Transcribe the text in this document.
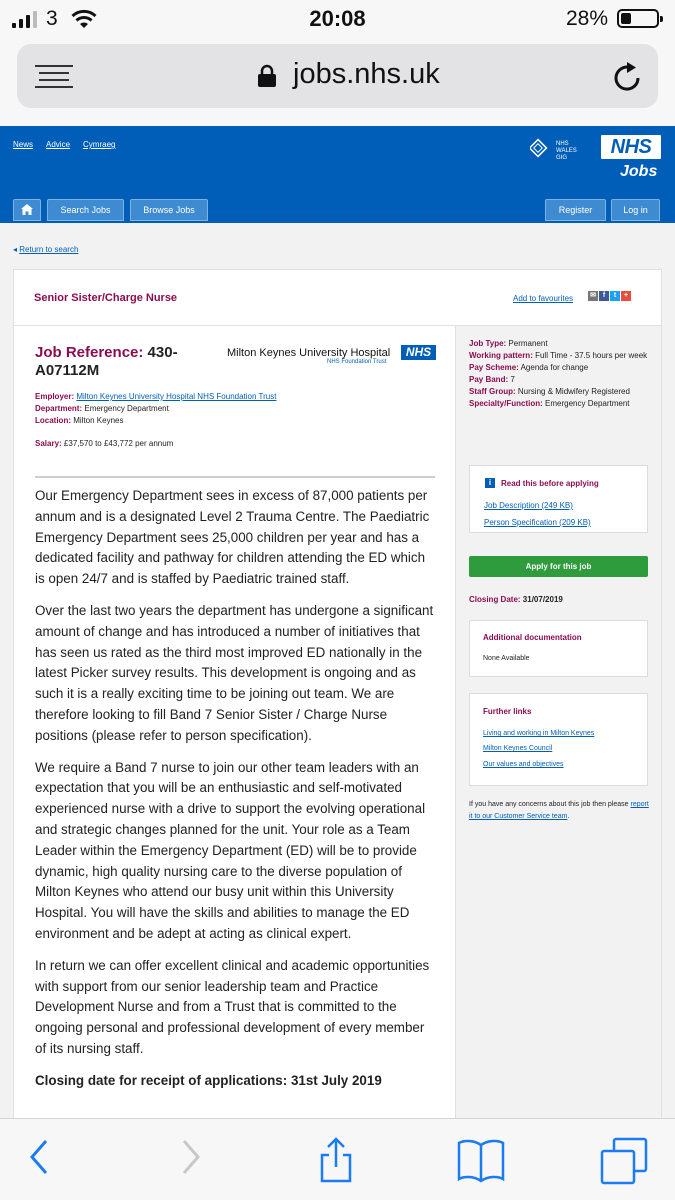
3	20:08	28%
jobs.nhs.uk
News Advice Cymraeg	NHS
WALES
GIG	NHS
Jobs
Search Jobs	Browse Jobs	Register	Log in
◂ Return to search
Senior Sister/Charge Nurse	Add to favourites ✉ f	t	+
Job Reference: 430-A07112M
Milton Keynes University Hospital	NHS
NHS Foundation Trust
Employer: Milton Keynes University Hospital NHS Foundation Trust
Department: Emergency Department
Location: Milton Keynes
Salary: £37,570 to £43,772 per annum

Our Emergency Department sees in excess of 87,000 patients per annum and is a designated Level 2 Trauma Centre. The Paediatric Emergency Department sees 25,000 children per year and has a dedicated facility and pathway for children attending the ED which is open 24/7 and is staffed by Paediatric trained staff.

Over the last two years the department has undergone a significant amount of change and has introduced a number of initiatives that has seen us rated as the third most improved ED nationally in the latest Picker survey results. This development is ongoing and as such it is a really exciting time to be joining out team. We are therefore looking to fill Band 7 Senior Sister / Charge Nurse positions (please refer to person specification).

We require a Band 7 nurse to join our other team leaders with an expectation that you will be an enthusiastic and self-motivated experienced nurse with a drive to support the evolving operational and strategic changes planned for the unit. Your role as a Team Leader within the Emergency Department (ED) will be to provide dynamic, high quality nursing care to the diverse population of Milton Keynes who attend our busy unit within this University Hospital. You will have the skills and abilities to manage the ED environment and be adept at acting as clinical expert.

In return we can offer excellent clinical and academic opportunities with support from our senior leadership team and Practice Development Nurse and from a Trust that is committed to the ongoing personal and professional development of every member of its nursing staff.

Closing date for receipt of applications: 31st July 2019

Job Type: Permanent
Working pattern: Full Time - 37.5 hours per week
Pay Scheme: Agenda for change
Pay Band: 7
Staff Group: Nursing & Midwifery Registered
Specialty/Function: Emergency Department
i	Read this before applying
Job Description (249 KB)
Person Specification (209 KB)
Apply for this job
Closing Date: 31/07/2019
Additional documentation
None Available
Further links
Living and working in Milton Keynes
Milton Keynes Council
Our values and objectives
If you have any concerns about this job then please report it to our Customer Service team.
